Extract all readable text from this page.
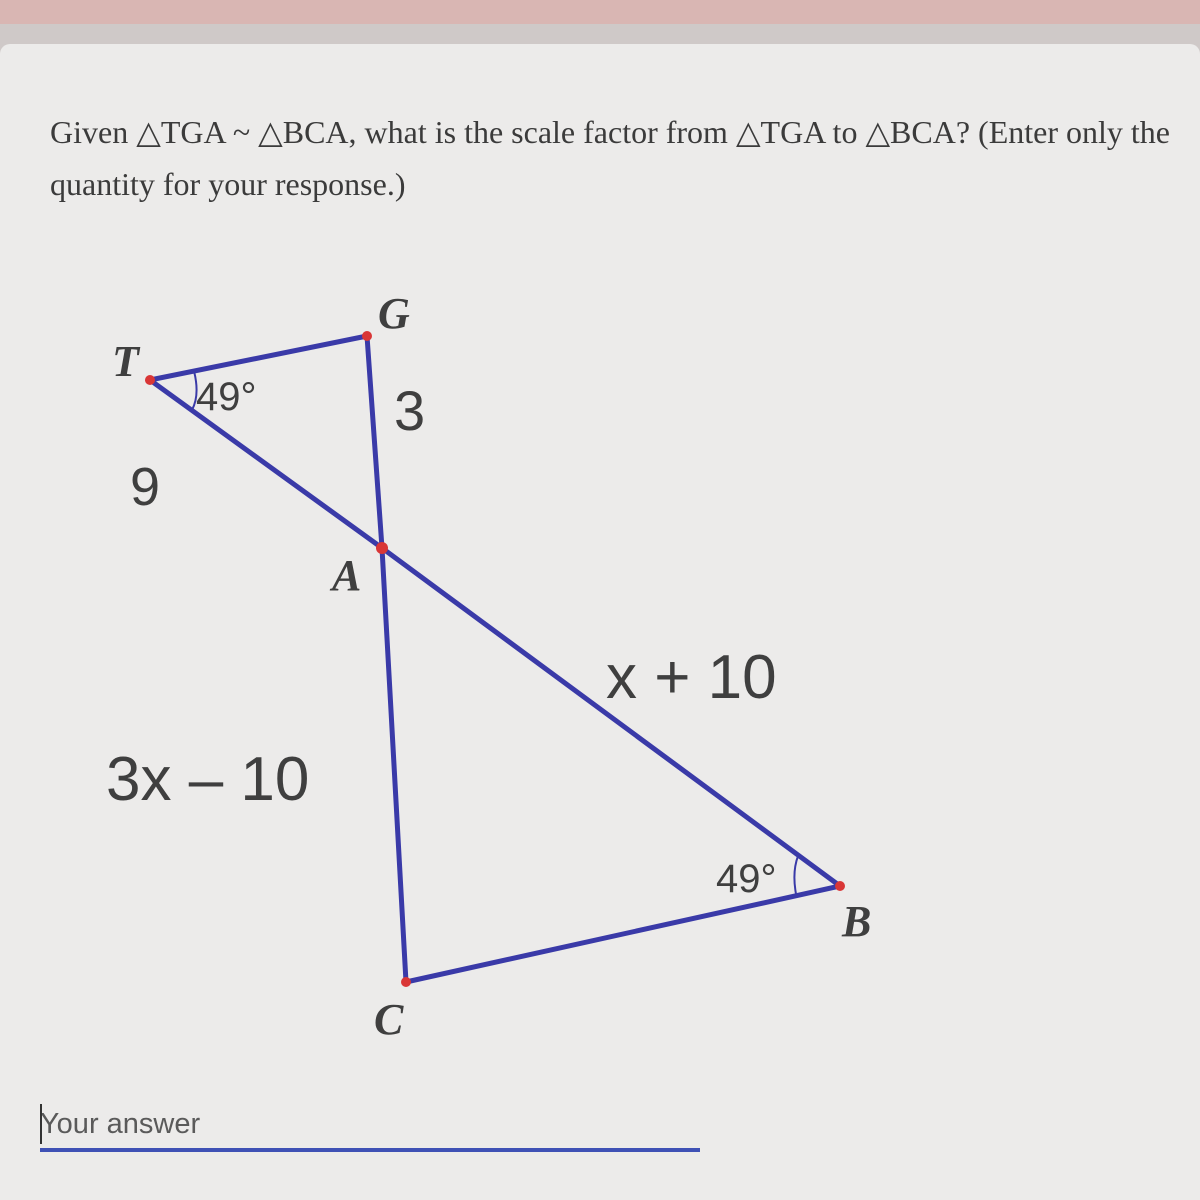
Given △TGA ~ △BCA, what is the scale factor from △TGA to △BCA? (Enter only the quantity for your response.)

T
G
A
B
C
49°
49°
9
3
x + 10
3x – 10
Your answer
